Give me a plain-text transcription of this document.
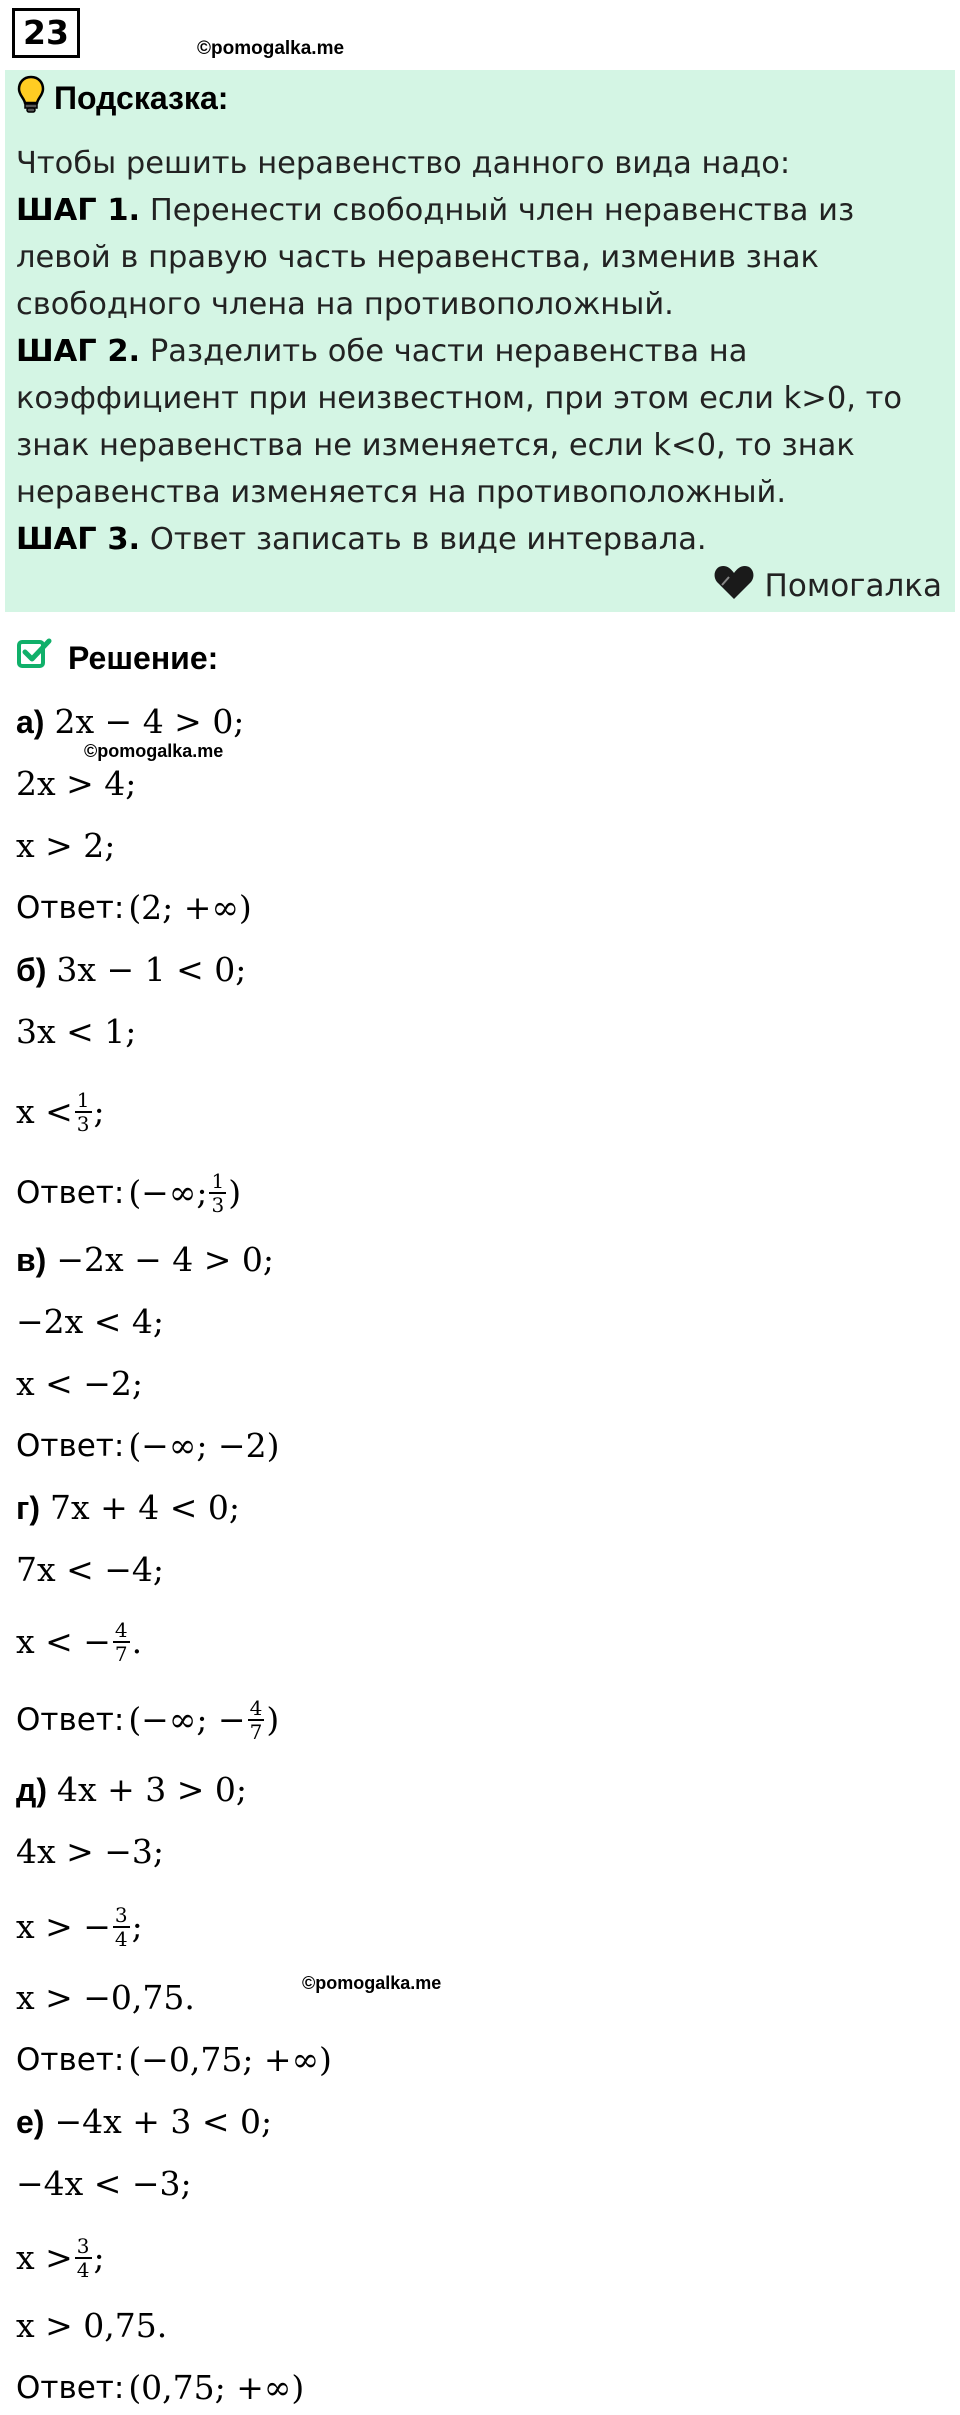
23	©pomogalka.me
Подсказка:
Чтобы решить неравенство данного вида надо:
ШАГ 1. Перенести свободный член неравенства из левой в правую часть неравенства, изменив знак свободного члена на противоположный.
ШАГ 2. Разделить обе части неравенства на коэффициент при неизвестном, при этом если k>0, то знак неравенства не изменяется, если k<0, то знак неравенства изменяется на противоположный.
ШАГ 3. Ответ записать в виде интервала.
Помогалка
Решение:
а) 2x − 4 > 0;
©pomogalka.me
2x > 4;
x > 2;
Ответ: (2; +∞)
б) 3x − 1 < 0;
3x < 1;
$x < \frac{1}{3}$ ;
Ответ: (−∞; $\frac{1}{3}$ )
в) −2x − 4 > 0;
−2x < 4;
x < −2;
Ответ: (−∞; −2)
г) 7x + 4 < 0;
7x < −4;
x < − $\frac{4}{7}$ .
Ответ: (−∞; − $\frac{4}{7}$ )
д) 4x + 3 > 0;
4x > −3;
x > − $\frac{3}{4}$ ;
x > −0,75.	©pomogalka.me
Ответ: (−0,75; +∞)
е) −4x + 3 < 0;
−4x < −3;
$x > \frac{3}{4}$ ;
x > 0,75.
Ответ: (0,75; +∞)
